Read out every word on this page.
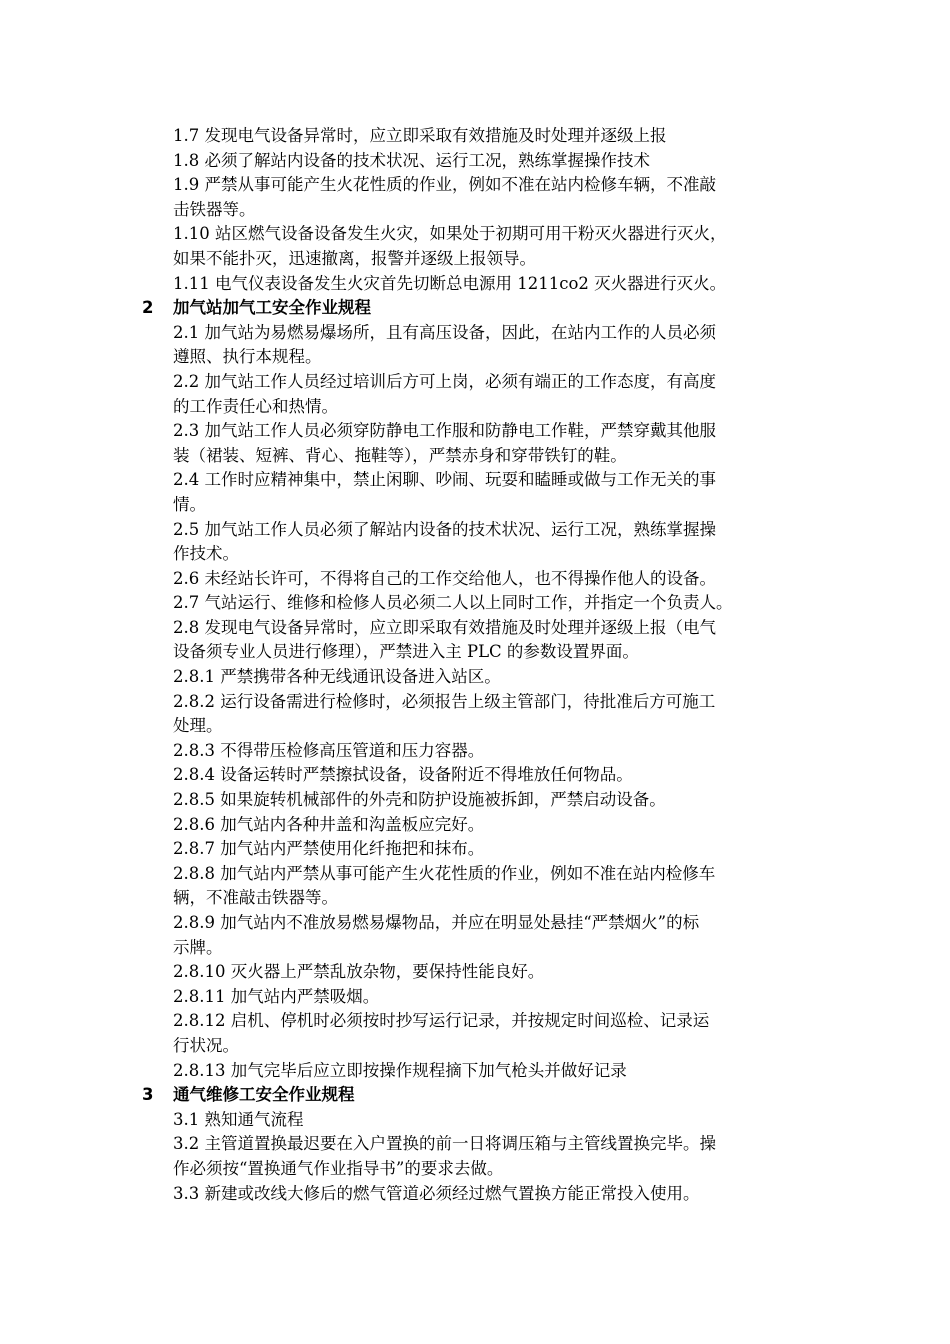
1.7 发现电气设备异常时，应立即采取有效措施及时处理并逐级上报
1.8 必须了解站内设备的技术状况、运行工况，熟练掌握操作技术
1.9 严禁从事可能产生火花性质的作业，例如不准在站内检修车辆，不准敲
击铁器等。
1.10 站区燃气设备设备发生火灾，如果处于初期可用干粉灭火器进行灭火，
如果不能扑灭，迅速撤离，报警并逐级上报领导。
1.11 电气仪表设备发生火灾首先切断总电源用 1211co2 灭火器进行灭火。
2 加气站加气工安全作业规程
2.1 加气站为易燃易爆场所，且有高压设备，因此，在站内工作的人员必须
遵照、执行本规程。
2.2 加气站工作人员经过培训后方可上岗，必须有端正的工作态度，有高度
的工作责任心和热情。
2.3 加气站工作人员必须穿防静电工作服和防静电工作鞋，严禁穿戴其他服
装（裙装、短裤、背心、拖鞋等），严禁赤身和穿带铁钉的鞋。
2.4 工作时应精神集中，禁止闲聊、吵闹、玩耍和瞌睡或做与工作无关的事
情。
2.5 加气站工作人员必须了解站内设备的技术状况、运行工况，熟练掌握操
作技术。
2.6 未经站长许可，不得将自己的工作交给他人，也不得操作他人的设备。
2.7 气站运行、维修和检修人员必须二人以上同时工作，并指定一个负责人。
2.8 发现电气设备异常时，应立即采取有效措施及时处理并逐级上报（电气
设备须专业人员进行修理），严禁进入主 PLC 的参数设置界面。
2.8.1 严禁携带各种无线通讯设备进入站区。
2.8.2 运行设备需进行检修时，必须报告上级主管部门，待批准后方可施工
处理。
2.8.3 不得带压检修高压管道和压力容器。
2.8.4 设备运转时严禁擦拭设备，设备附近不得堆放任何物品。
2.8.5 如果旋转机械部件的外壳和防护设施被拆卸，严禁启动设备。
2.8.6 加气站内各种井盖和沟盖板应完好。
2.8.7 加气站内严禁使用化纤拖把和抹布。
2.8.8 加气站内严禁从事可能产生火花性质的作业，例如不准在站内检修车
辆，不准敲击铁器等。
2.8.9 加气站内不准放易燃易爆物品，并应在明显处悬挂“严禁烟火”的标
示牌。
2.8.10 灭火器上严禁乱放杂物，要保持性能良好。
2.8.11 加气站内严禁吸烟。
2.8.12 启机、停机时必须按时抄写运行记录，并按规定时间巡检、记录运
行状况。
2.8.13 加气完毕后应立即按操作规程摘下加气枪头并做好记录
3 通气维修工安全作业规程
3.1 熟知通气流程
3.2 主管道置换最迟要在入户置换的前一日将调压箱与主管线置换完毕。操
作必须按“置换通气作业指导书”的要求去做。
3.3 新建或改线大修后的燃气管道必须经过燃气置换方能正常投入使用。
